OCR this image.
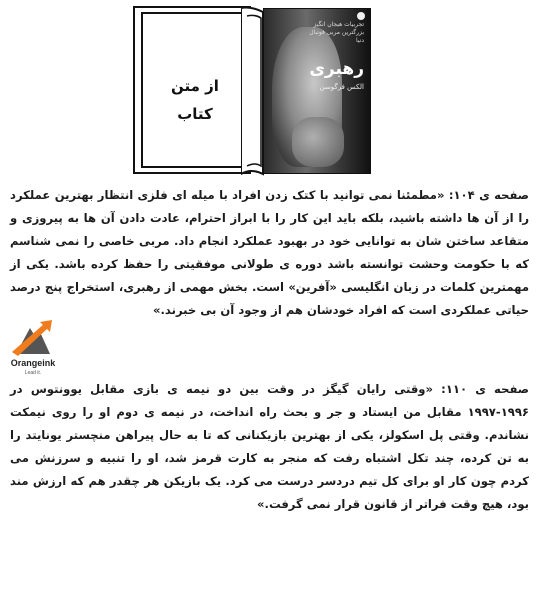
از متن
کتاب
تجربیات هیجان انگیز بزرگترین مربی فوتبال دنیا
رهبری
الکس فرگوسن
صفحه ی ۱۰۴: «مطمئنا نمی توانید با کتک زدن افراد با میله ای فلزی انتظار بهترین عملکرد را از آن ها داشته باشید، بلکه باید این کار را با ابراز احترام، عادت دادن آن ها به پیروزی و متقاعد ساختن شان به توانایی خود در بهبود عملکرد انجام داد. مربی خاصی را نمی شناسم که با حکومت وحشت توانسته باشد دوره ی طولانی موفقیتی را حفظ کرده باشد. یکی از مهمترین کلمات در زبان انگلیسی «آفرین» است. بخش مهمی از رهبری، استخراج پنج درصد حیاتی عملکردی است که افراد خودشان هم از وجود آن بی خبرند.»
Orangeink
Lead it.
صفحه ی ۱۱۰: «وقتی رایان گیگز در وقت بین دو نیمه ی بازی مقابل یوونتوس در ۱۹۹۶-۱۹۹۷ مقابل من ایستاد و جر و بحث راه انداخت، در نیمه ی دوم او را روی نیمکت نشاندم. وقتی پل اسکولز، یکی از بهترین بازیکنانی که تا به حال پیراهن منچستر یونایتد را به تن کرده، چند تکل اشتباه رفت که منجر به کارت قرمز شد، او را تنبیه و سرزنش می کردم چون کار او برای کل تیم دردسر درست می کرد. یک بازیکن هر چقدر هم که ارزش مند بود، هیچ وقت فراتر از قانون قرار نمی گرفت.»
